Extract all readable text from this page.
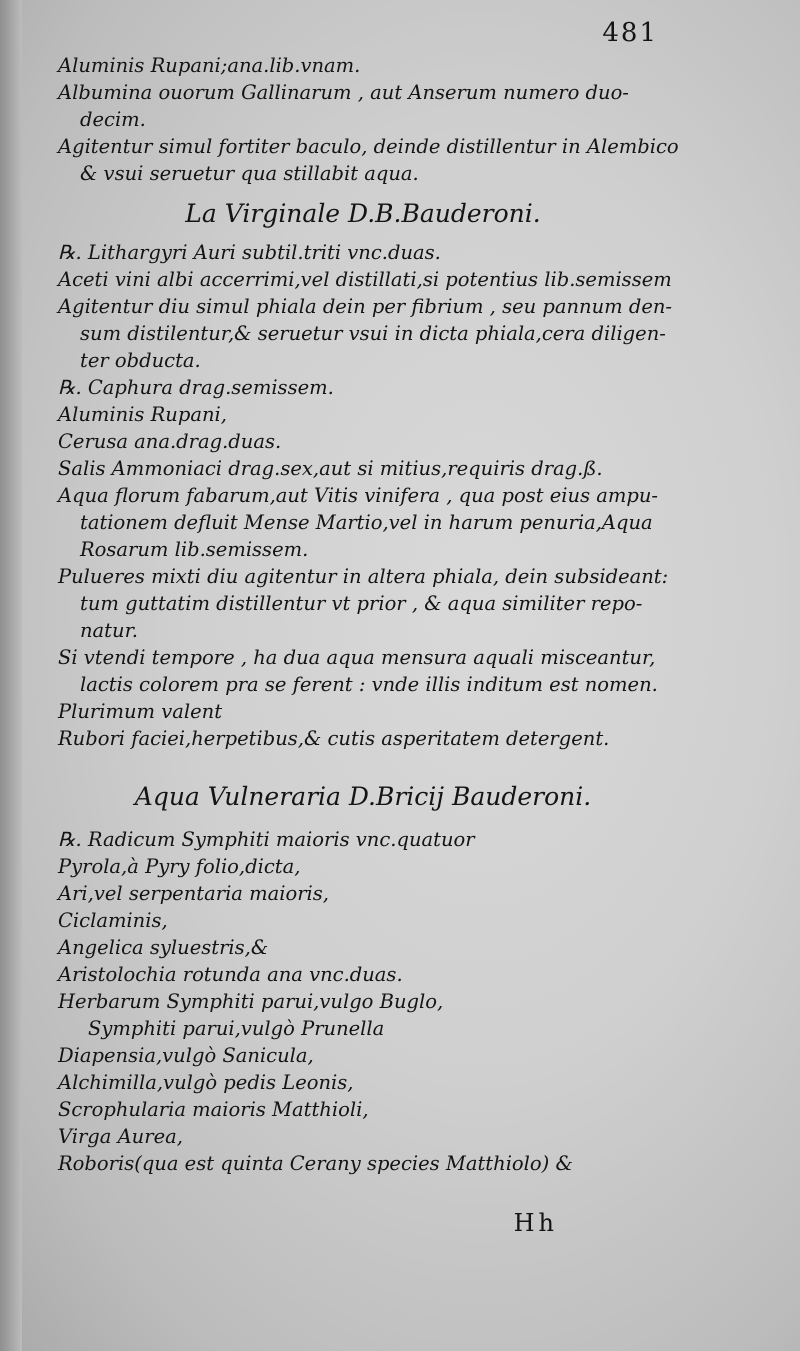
481
Aluminis Rupani;ana.lib.vnam.
Albumina ouorum Gallinarum , aut Anserum numero duo-
decim.
Agitentur simul fortiter baculo, deinde distillentur in Alembico
& vsui seruetur qua stillabit aqua.
La Virginale D.B.Bauderoni.
℞. Lithargyri Auri subtil.triti vnc.duas.
Aceti vini albi accerrimi,vel distillati,si potentius lib.semissem
Agitentur diu simul phiala dein per fibrium , seu pannum den-
sum distilentur,& seruetur vsui in dicta phiala,cera diligen-
ter obducta.
℞. Caphura drag.semissem.
Aluminis Rupani,
Cerusa ana.drag.duas.
Salis Ammoniaci drag.sex,aut si mitius,requiris drag.ß.
Aqua florum fabarum,aut Vitis vinifera , qua post eius ampu-
tationem defluit Mense Martio,vel in harum penuria,Aqua
Rosarum lib.semissem.
Pulueres mixti diu agitentur in altera phiala, dein subsideant:
tum guttatim distillentur vt prior , & aqua similiter repo-
natur.
Si vtendi tempore , ha dua aqua mensura aquali misceantur,
lactis colorem pra se ferent : vnde illis inditum est nomen.
Plurimum valent
Rubori faciei,herpetibus,& cutis asperitatem detergent.
Aqua Vulneraria D.Bricij Bauderoni.
℞. Radicum Symphiti maioris vnc.quatuor
Pyrola,à Pyry folio,dicta,
Ari,vel serpentaria maioris,
Ciclaminis,
Angelica syluestris,&
Aristolochia rotunda ana vnc.duas.
Herbarum Symphiti parui,vulgo Buglo,
Symphiti parui,vulgò Prunella
Diapensia,vulgò Sanicula,
Alchimilla,vulgò pedis Leonis,
Scrophularia maioris Matthioli,
Virga Aurea,
Roboris(qua est quinta Cerany species Matthiolo) &
Hh
